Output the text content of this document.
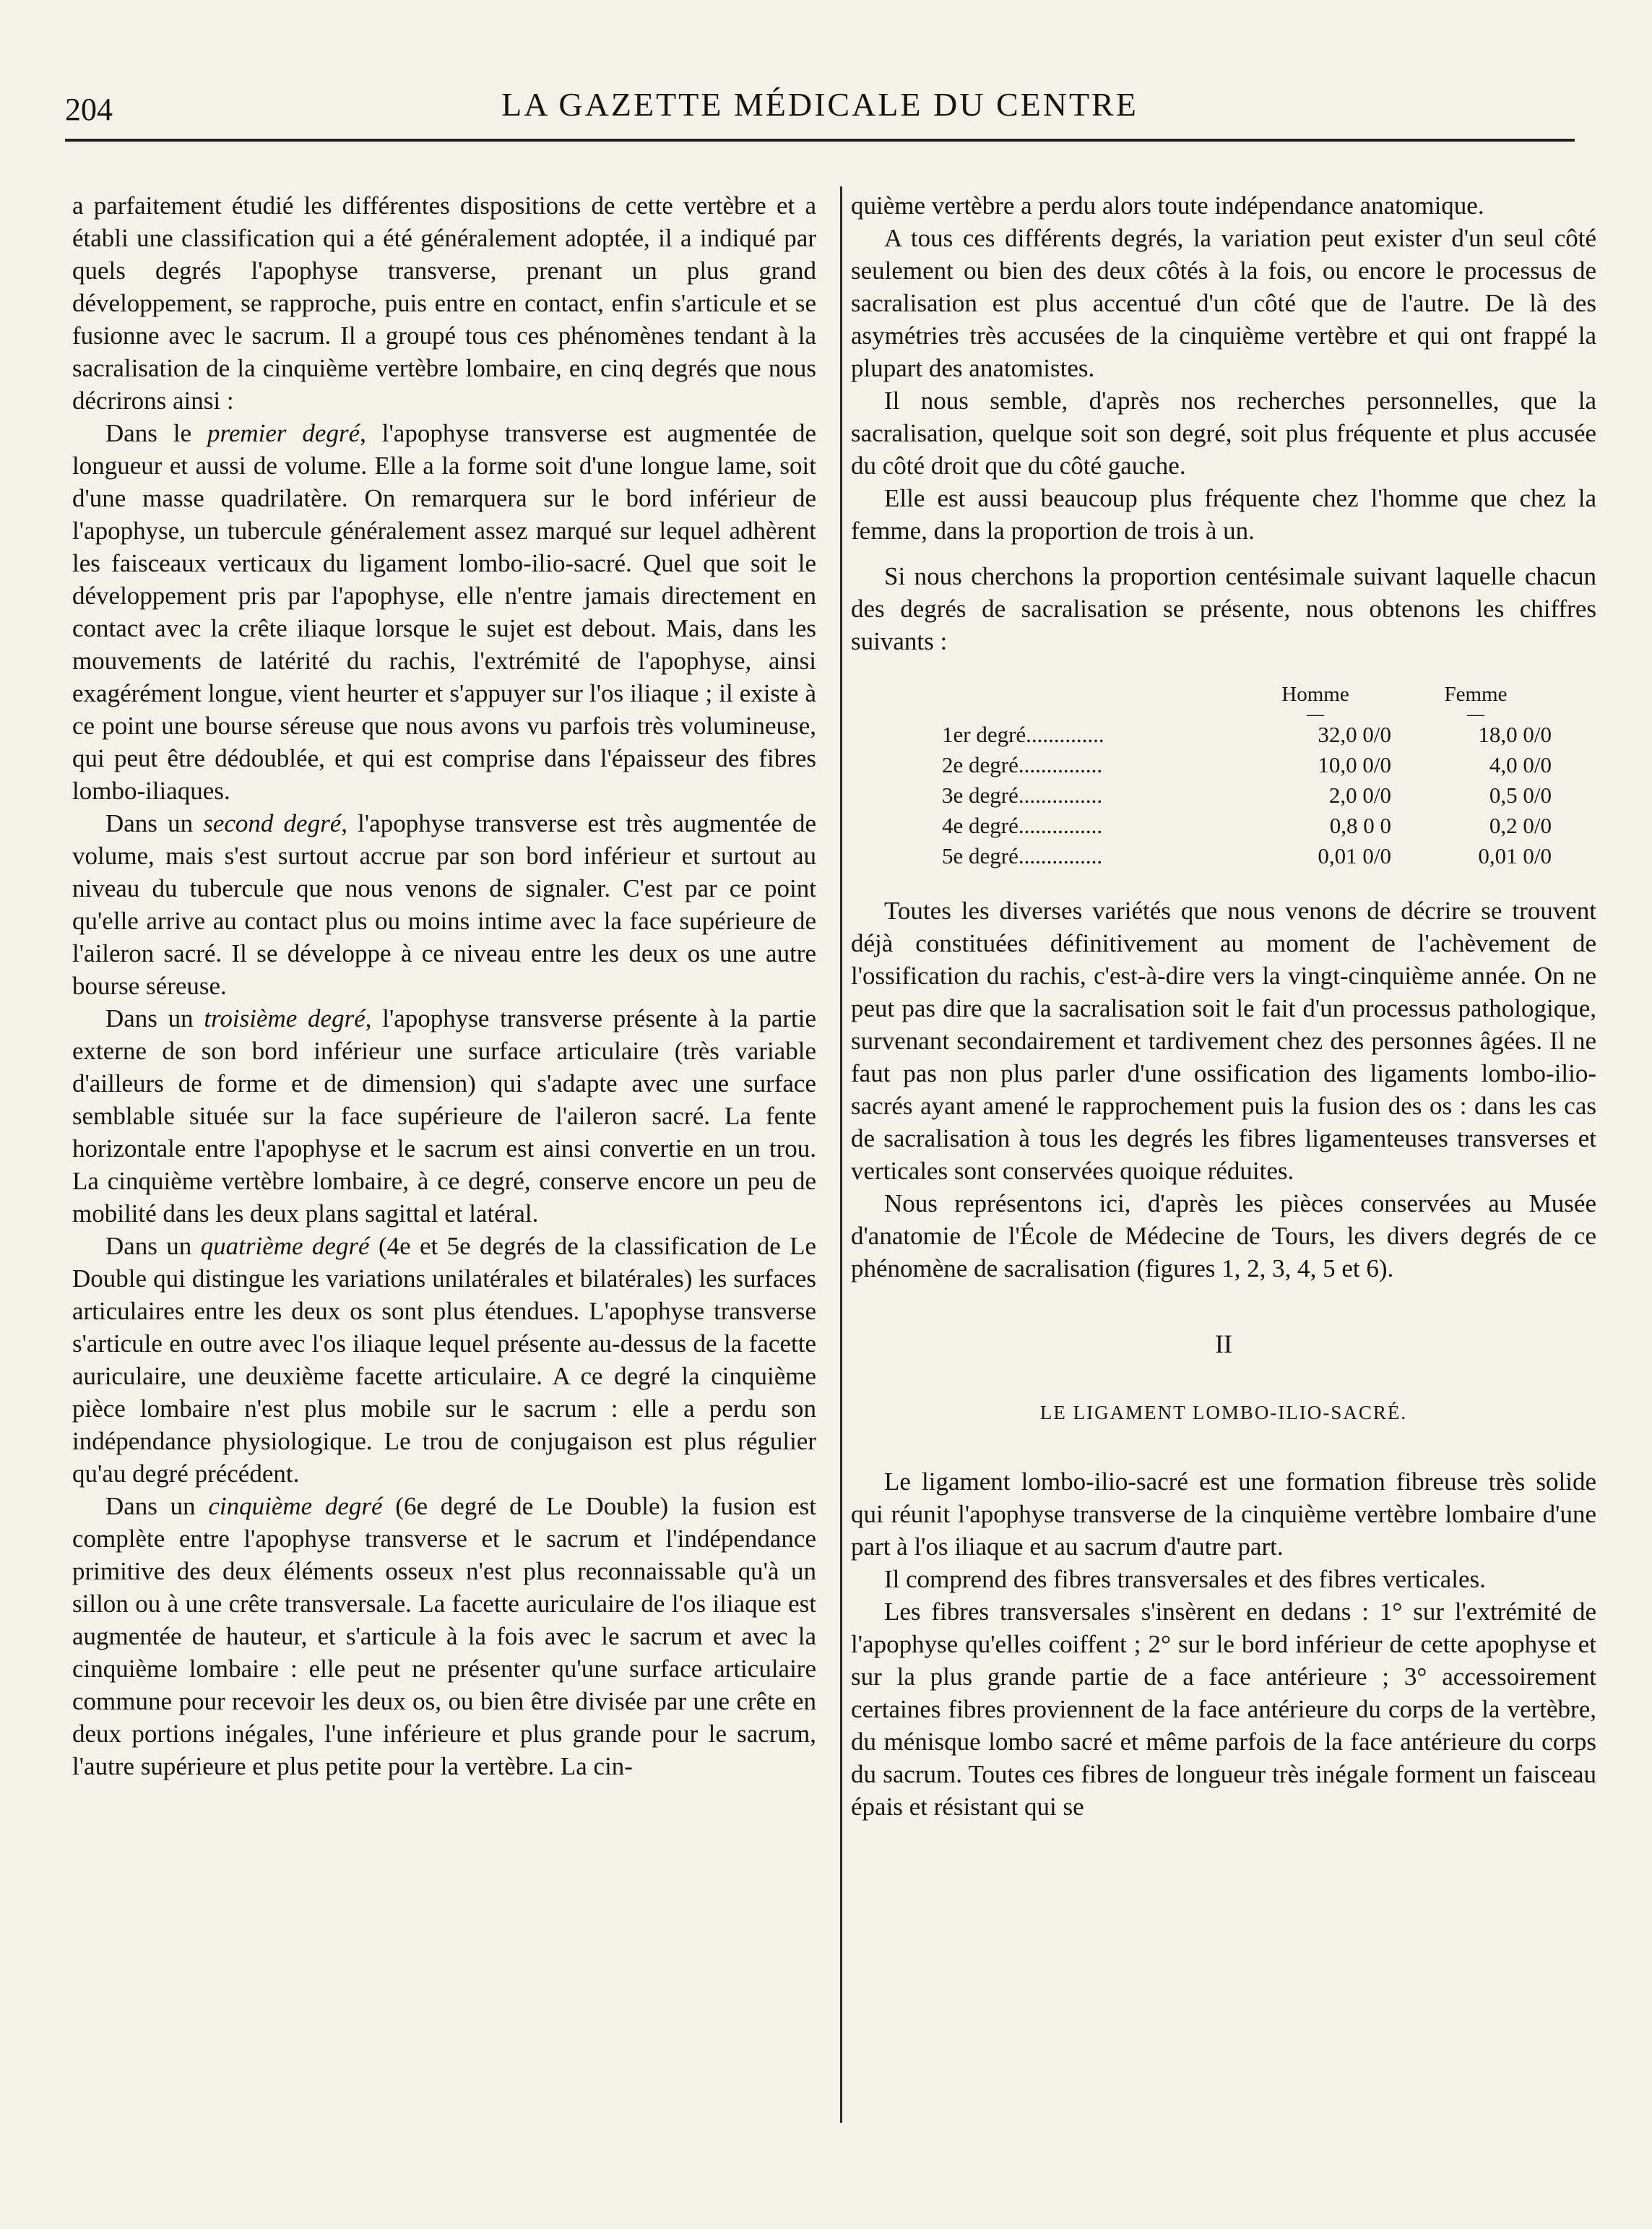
204	LA GAZETTE MÉDICALE DU CENTRE

a parfaitement étudié les différentes dispositions de cette vertèbre et a établi une classification qui a été généralement adoptée, il a indiqué par quels degrés l'apophyse transverse, prenant un plus grand développement, se rapproche, puis entre en contact, enfin s'articule et se fusionne avec le sacrum. Il a groupé tous ces phénomènes tendant à la sacralisation de la cinquième vertèbre lombaire, en cinq degrés que nous décrirons ainsi :

Dans le premier degré, l'apophyse transverse est augmentée de longueur et aussi de volume. Elle a la forme soit d'une longue lame, soit d'une masse quadrilatère. On remarquera sur le bord inférieur de l'apophyse, un tubercule généralement assez marqué sur lequel adhèrent les faisceaux verticaux du ligament lombo-ilio-sacré. Quel que soit le développement pris par l'apophyse, elle n'entre jamais directement en contact avec la crête iliaque lorsque le sujet est debout. Mais, dans les mouvements de latérité du rachis, l'extrémité de l'apophyse, ainsi exagérément longue, vient heurter et s'appuyer sur l'os iliaque ; il existe à ce point une bourse séreuse que nous avons vu parfois très volumineuse, qui peut être dédoublée, et qui est comprise dans l'épaisseur des fibres lombo-iliaques.

Dans un second degré, l'apophyse transverse est très augmentée de volume, mais s'est surtout accrue par son bord inférieur et surtout au niveau du tubercule que nous venons de signaler. C'est par ce point qu'elle arrive au contact plus ou moins intime avec la face supérieure de l'aileron sacré. Il se développe à ce niveau entre les deux os une autre bourse séreuse.

Dans un troisième degré, l'apophyse transverse présente à la partie externe de son bord inférieur une surface articulaire (très variable d'ailleurs de forme et de dimension) qui s'adapte avec une surface semblable située sur la face supérieure de l'aileron sacré. La fente horizontale entre l'apophyse et le sacrum est ainsi convertie en un trou. La cinquième vertèbre lombaire, à ce degré, conserve encore un peu de mobilité dans les deux plans sagittal et latéral.

Dans un quatrième degré (4e et 5e degrés de la classification de Le Double qui distingue les variations unilatérales et bilatérales) les surfaces articulaires entre les deux os sont plus étendues. L'apophyse transverse s'articule en outre avec l'os iliaque lequel présente au-dessus de la facette auriculaire, une deuxième facette articulaire. A ce degré la cinquième pièce lombaire n'est plus mobile sur le sacrum : elle a perdu son indépendance physiologique. Le trou de conjugaison est plus régulier qu'au degré précédent.

Dans un cinquième degré (6e degré de Le Double) la fusion est complète entre l'apophyse transverse et le sacrum et l'indépendance primitive des deux éléments osseux n'est plus reconnaissable qu'à un sillon ou à une crête transversale. La facette auriculaire de l'os iliaque est augmentée de hauteur, et s'articule à la fois avec le sacrum et avec la cinquième lombaire : elle peut ne présenter qu'une surface articulaire commune pour recevoir les deux os, ou bien être divisée par une crête en deux portions inégales, l'une inférieure et plus grande pour le sacrum, l'autre supérieure et plus petite pour la vertèbre. La cin-

quième vertèbre a perdu alors toute indépendance anatomique.

A tous ces différents degrés, la variation peut exister d'un seul côté seulement ou bien des deux côtés à la fois, ou encore le processus de sacralisation est plus accentué d'un côté que de l'autre. De là des asymétries très accusées de la cinquième vertèbre et qui ont frappé la plupart des anatomistes.

Il nous semble, d'après nos recherches personnelles, que la sacralisation, quelque soit son degré, soit plus fréquente et plus accusée du côté droit que du côté gauche.

Elle est aussi beaucoup plus fréquente chez l'homme que chez la femme, dans la proportion de trois à un.

Si nous cherchons la proportion centésimale suivant laquelle chacun des degrés de sacralisation se présente, nous obtenons les chiffres suivants :

	Homme	Femme
	—	—
1er degré..............	32,0 0/0	18,0 0/0
2e degré...............	10,0 0/0	4,0 0/0
3e degré...............	2,0 0/0	0,5 0/0
4e degré...............	0,8 0 0	0,2 0/0
5e degré...............	0,01 0/0	0,01 0/0

Toutes les diverses variétés que nous venons de décrire se trouvent déjà constituées définitivement au moment de l'achèvement de l'ossification du rachis, c'est-à-dire vers la vingt-cinquième année. On ne peut pas dire que la sacralisation soit le fait d'un processus pathologique, survenant secondairement et tardivement chez des personnes âgées. Il ne faut pas non plus parler d'une ossification des ligaments lombo-ilio-sacrés ayant amené le rapprochement puis la fusion des os : dans les cas de sacralisation à tous les degrés les fibres ligamenteuses transverses et verticales sont conservées quoique réduites.

Nous représentons ici, d'après les pièces conservées au Musée d'anatomie de l'École de Médecine de Tours, les divers degrés de ce phénomène de sacralisation (figures 1, 2, 3, 4, 5 et 6).

II
LE LIGAMENT LOMBO-ILIO-SACRÉ.

Le ligament lombo-ilio-sacré est une formation fibreuse très solide qui réunit l'apophyse transverse de la cinquième vertèbre lombaire d'une part à l'os iliaque et au sacrum d'autre part.

Il comprend des fibres transversales et des fibres verticales.

Les fibres transversales s'insèrent en dedans : 1° sur l'extrémité de l'apophyse qu'elles coiffent ; 2° sur le bord inférieur de cette apophyse et sur la plus grande partie de a face antérieure ; 3° accessoirement certaines fibres proviennent de la face antérieure du corps de la vertèbre, du ménisque lombo sacré et même parfois de la face antérieure du corps du sacrum. Toutes ces fibres de longueur très inégale forment un faisceau épais et résistant qui se
